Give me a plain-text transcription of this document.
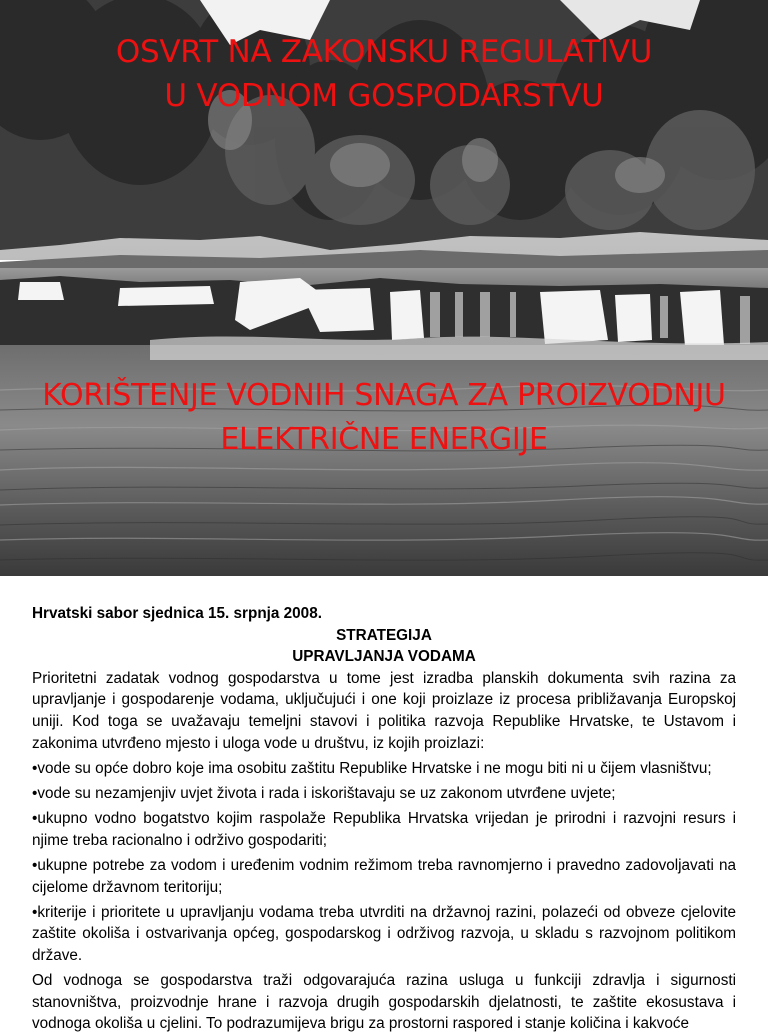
OSVRT NA ZAKONSKU REGULATIVU
U VODNOM GOSPODARSTVU
KORIŠTENJE VODNIH SNAGA ZA PROIZVODNJU
ELEKTRIČNE ENERGIJE

Hrvatski sabor sjednica 15. srpnja 2008.

STRATEGIJA

UPRAVLJANJA VODAMA

Prioritetni zadatak vodnog gospodarstva u tome jest izradba planskih dokumenta svih razina za upravljanje i gospodarenje vodama, uključujući i one koji proizlaze iz procesa približavanja Europskoj uniji. Kod toga se uvažavaju temeljni stavovi i politika razvoja Republike Hrvatske, te Ustavom i zakonima utvrđeno mjesto i uloga vode u društvu, iz kojih proizlazi:

•vode su opće dobro koje ima osobitu zaštitu Republike Hrvatske i ne mogu biti ni u čijem vlasništvu;

•vode su nezamjenjiv uvjet života i rada i iskorištavaju se uz zakonom utvrđene uvjete;

•ukupno vodno bogatstvo kojim raspolaže Republika Hrvatska vrijedan je prirodni i razvojni resurs i njime treba racionalno i održivo gospodariti;

•ukupne potrebe za vodom i uređenim vodnim režimom treba ravnomjerno i pravedno zadovoljavati na cijelome državnom teritoriju;

•kriterije i prioritete u upravljanju vodama treba utvrditi na državnoj razini, polazeći od obveze cjelovite zaštite okoliša i ostvarivanja općeg, gospodarskog i održivog razvoja, u skladu s razvojnom politikom države.

Od vodnoga se gospodarstva traži odgovarajuća razina usluga u funkciji zdravlja i sigurnosti stanovništva, proizvodnje hrane i razvoja drugih gospodarskih djelatnosti, te zaštite ekosustava i vodnoga okoliša u cjelini. To podrazumijeva brigu za prostorni raspored i stanje količina i kakvoće
